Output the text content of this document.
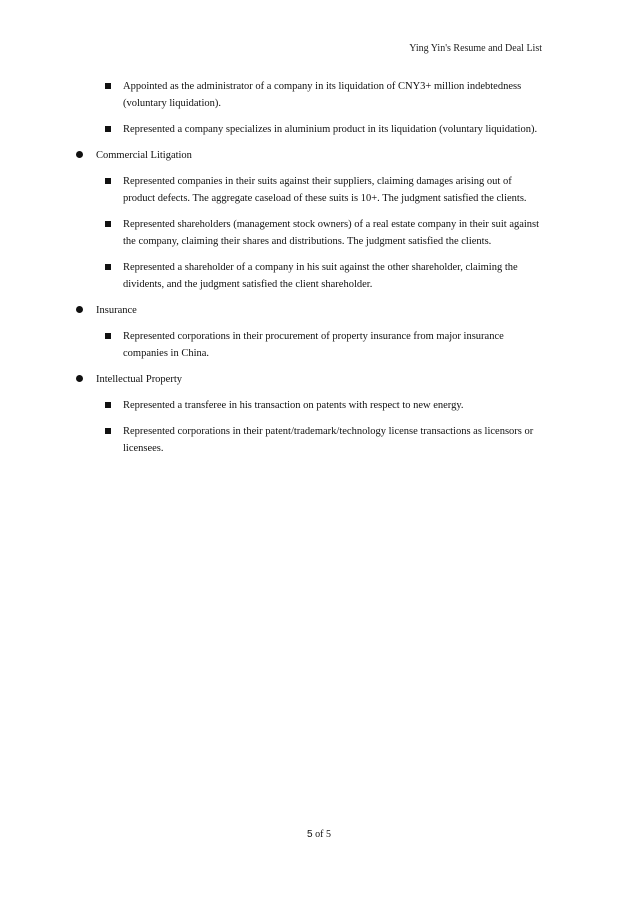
Ying Yin's Resume and Deal List
Appointed as the administrator of a company in its liquidation of CNY3+ million indebtedness (voluntary liquidation).
Represented a company specializes in aluminium product in its liquidation (voluntary liquidation).
Commercial Litigation
Represented companies in their suits against their suppliers, claiming damages arising out of product defects. The aggregate caseload of these suits is 10+. The judgment satisfied the clients.
Represented shareholders (management stock owners) of a real estate company in their suit against the company, claiming their shares and distributions. The judgment satisfied the clients.
Represented a shareholder of a company in his suit against the other shareholder, claiming the dividents, and the judgment satisfied the client shareholder.
Insurance
Represented corporations in their procurement of property insurance from major insurance companies in China.
Intellectual Property
Represented a transferee in his transaction on patents with respect to new energy.
Represented corporations in their patent/trademark/technology license transactions as licensors or licensees.
5 of 5
